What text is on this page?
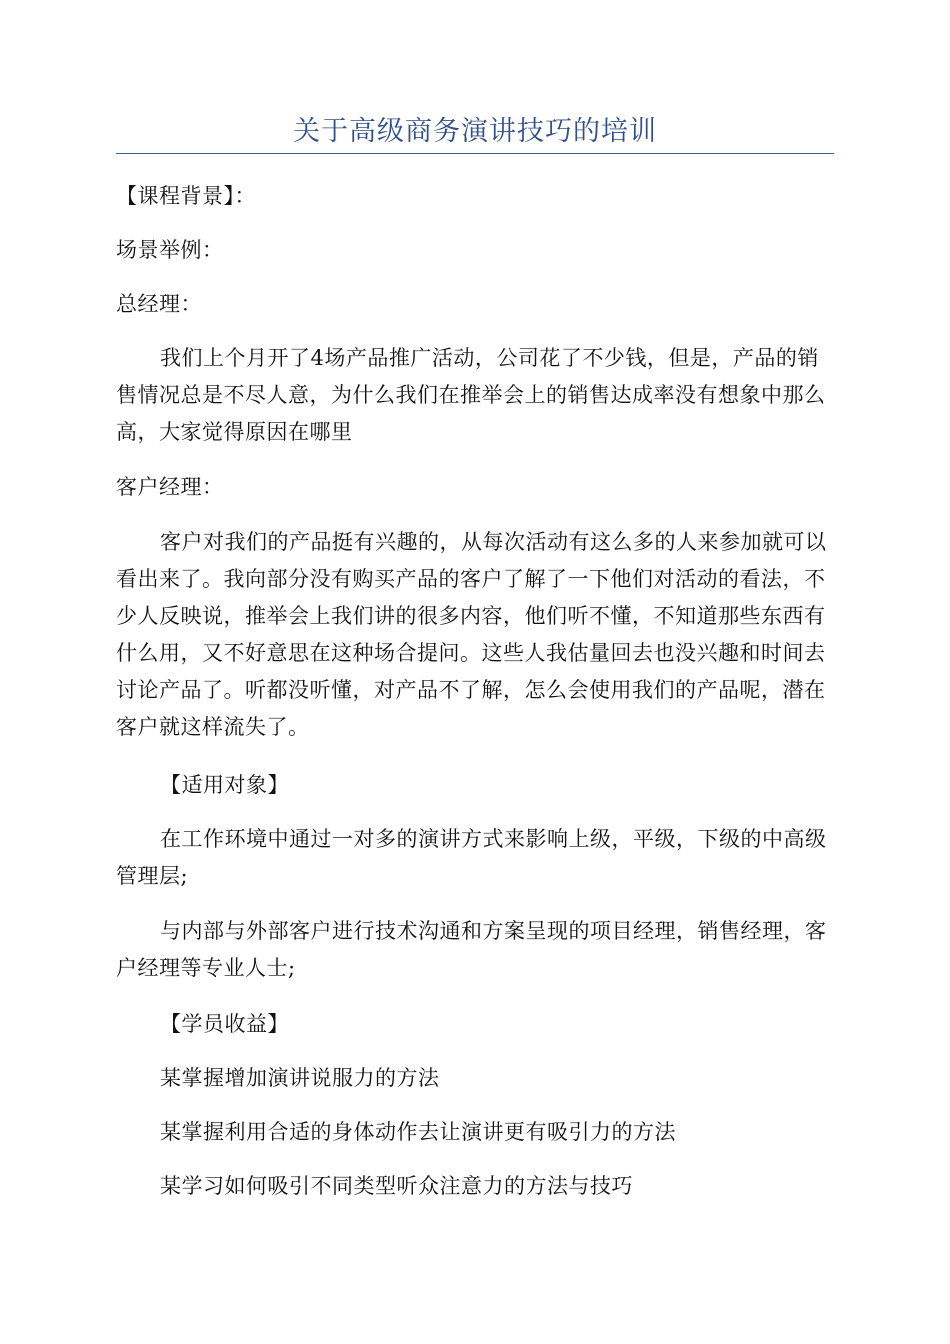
关于高级商务演讲技巧的培训

【课程背景】：

场景举例：

总经理：

我们上个月开了4场产品推广活动，公司花了不少钱，但是，产品的销售情况总是不尽人意，为什么我们在推举会上的销售达成率没有想象中那么高，大家觉得原因在哪里

客户经理：

客户对我们的产品挺有兴趣的，从每次活动有这么多的人来参加就可以看出来了。我向部分没有购买产品的客户了解了一下他们对活动的看法，不少人反映说，推举会上我们讲的很多内容，他们听不懂，不知道那些东西有什么用，又不好意思在这种场合提问。这些人我估量回去也没兴趣和时间去讨论产品了。听都没听懂，对产品不了解，怎么会使用我们的产品呢，潜在客户就这样流失了。

【适用对象】

在工作环境中通过一对多的演讲方式来影响上级，平级，下级的中高级管理层;

与内部与外部客户进行技术沟通和方案呈现的项目经理，销售经理，客户经理等专业人士;

【学员收益】

某掌握增加演讲说服力的方法

某掌握利用合适的身体动作去让演讲更有吸引力的方法

某学习如何吸引不同类型听众注意力的方法与技巧
